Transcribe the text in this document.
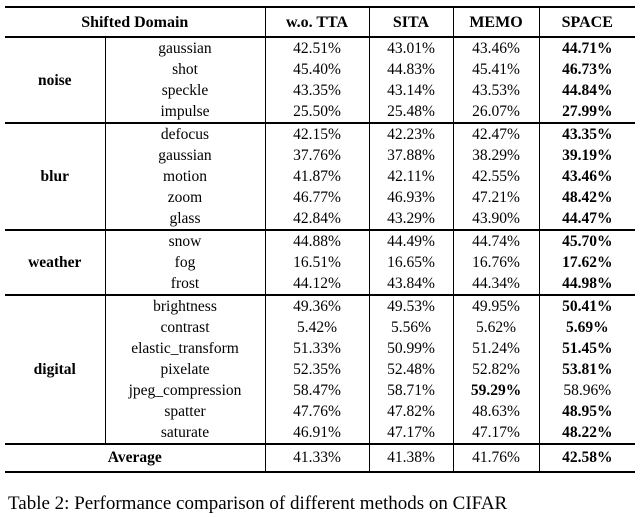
Shifted Domain		w.o. TTA	SITA	MEMO	SPACE
noise	gaussian	42.51%	43.01%	43.46%	44.71%
	shot	45.40%	44.83%	45.41%	46.73%
	speckle	43.35%	43.14%	43.53%	44.84%
	impulse	25.50%	25.48%	26.07%	27.99%
blur	defocus	42.15%	42.23%	42.47%	43.35%
	gaussian	37.76%	37.88%	38.29%	39.19%
	motion	41.87%	42.11%	42.55%	43.46%
	zoom	46.77%	46.93%	47.21%	48.42%
	glass	42.84%	43.29%	43.90%	44.47%
weather	snow	44.88%	44.49%	44.74%	45.70%
	fog	16.51%	16.65%	16.76%	17.62%
	frost	44.12%	43.84%	44.34%	44.98%
digital	brightness	49.36%	49.53%	49.95%	50.41%
	contrast	5.42%	5.56%	5.62%	5.69%
	elastic_transform	51.33%	50.99%	51.24%	51.45%
	pixelate	52.35%	52.48%	52.82%	53.81%
	jpeg_compression	58.47%	58.71%	59.29%	58.96%
	spatter	47.76%	47.82%	48.63%	48.95%
	saturate	46.91%	47.17%	47.17%	48.22%
Average		41.33%	41.38%	41.76%	42.58%
Table 2: Performance comparison of different methods on CIFAR
